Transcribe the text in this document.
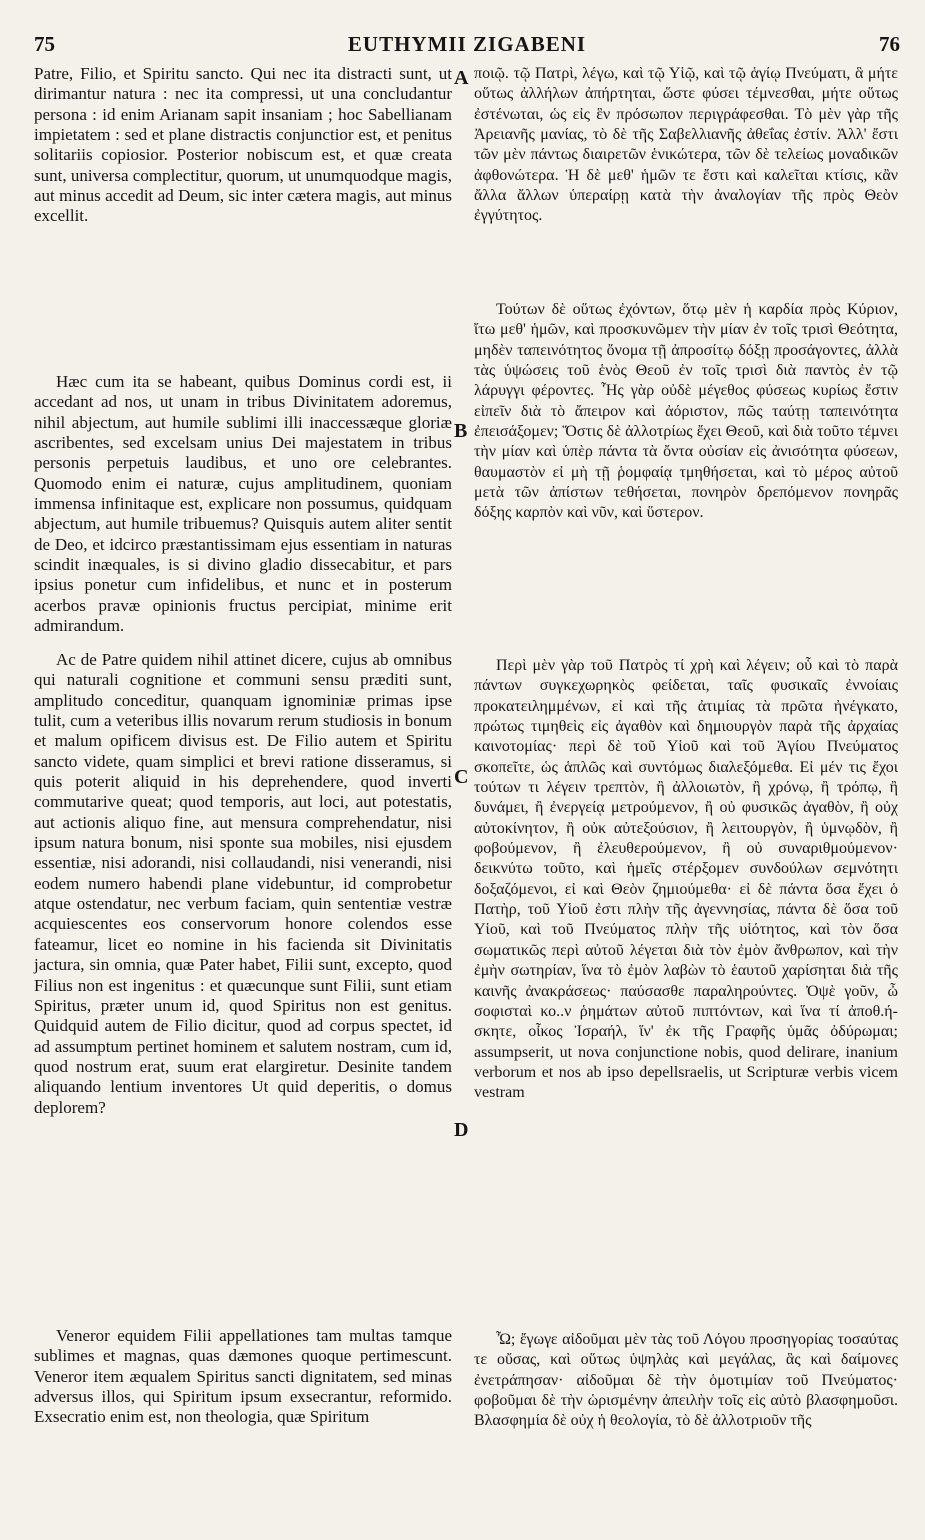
75	EUTHYMII ZIGABENI	76

Patre, Filio, et Spiritu sancto. Qui nec ita distracti sunt, ut dirimantur natura : nec ita compressi, ut una concludantur persona : id enim Arianam sapit insaniam ; hoc Sabellianam impietatem : sed et plane distractis conjunctior est, et penitus solitariis copiosior. Posterior nobiscum est, et quæ creata sunt, universa complectitur, quorum, ut unumquodque magis, aut minus accedit ad Deum, sic inter cætera magis, aut minus excellit.

Hæc cum ita se habeant, quibus Dominus cordi est, ii accedant ad nos, ut unam in tribus Divinitatem adoremus, nihil abjectum, aut humile sublimi illi inaccessæque gloriæ ascribentes, sed excelsam unius Dei majestatem in tribus personis perpetuis laudibus, et uno ore celebrantes. Quomodo enim ei naturæ, cujus amplitudinem, quoniam immensa infinitaque est, explicare non possumus, quidquam abjectum, aut humile tribuemus? Quisquis autem aliter sentit de Deo, et idcirco præstantissimam ejus essentiam in naturas scindit inæquales, is si divino gladio dissecabitur, et pars ipsius ponetur cum infidelibus, et nunc et in posterum acerbos pravæ opinionis fructus percipiat, minime erit admirandum.

Ac de Patre quidem nihil attinet dicere, cujus ab omnibus qui naturali cognitione et communi sensu præditi sunt, amplitudo conceditur, quanquam ignominiæ primas ipse tulit, cum a veteribus illis novarum rerum studiosis in bonum et malum opificem divisus est. De Filio autem et Spiritu sancto videte, quam simplici et brevi ratione disseramus, si quis poterit aliquid in his deprehendere, quod inverti commutarive queat; quod temporis, aut loci, aut potestatis, aut actionis aliquo fine, aut mensura comprehendatur, nisi ipsum natura bonum, nisi sponte sua mobiles, nisi ejusdem essentiæ, nisi adorandi, nisi collaudandi, nisi venerandi, nisi eodem numero habendi plane videbuntur, id comprobetur atque ostendatur, nec verbum faciam, quin sententiæ vestræ acquiescentes eos conservorum honore colendos esse fateamur, licet eo nomine in his facienda sit Divinitatis jactura, sin omnia, quæ Pater habet, Filii sunt, excepto, quod Filius non est ingenitus : et quæcunque sunt Filii, sunt etiam Spiritus, præter unum id, quod Spiritus non est genitus. Quidquid autem de Filio dicitur, quod ad corpus spectet, id ad assumptum pertinet hominem et salutem nostram, cum id, quod nostrum erat, suum erat elargiretur. Desinite tandem aliquando lentium inventores Ut quid deperitis, o domus deplorem?

Veneror equidem Filii appellationes tam multas tamque sublimes et magnas, quas dæmones quoque pertimescunt. Veneror item æqualem Spiritus sancti dignitatem, sed minas adversus illos, qui Spiritum ipsum exsecrantur, reformido. Exsecratio enim est, non theologia, quæ Spiritum

ποιῷ. τῷ Πατρὶ, λέγω, καὶ τῷ Υἱῷ, καὶ τῷ ἁγίῳ Πνεύματι, ἃ μήτε οὕτως ἀλλήλων ἀπήρτηται, ὥστε φύσει τέμνεσθαι, μήτε οὕτως ἐστένωται, ὡς εἰς ἓν πρόσωπον περιγράφεσθαι. Τὸ μὲν γὰρ τῆς Ἀρειανῆς μανίας, τὸ δὲ τῆς Σαβελλιανῆς ἀθεΐας ἐστίν. Ἀλλ' ἔστι τῶν μὲν πάντως διαιρετῶν ἑνικώτερα, τῶν δὲ τελείως μοναδικῶν ἀφθονώτερα. Ἡ δὲ μεθ' ἡμῶν τε ἔστι καὶ καλεῖται κτίσις, κἂν ἄλλα ἄλλων ὑπεραίρῃ κατὰ τὴν ἀναλογίαν τῆς πρὸς Θεὸν ἐγγύτητος.

Τούτων δὲ οὕτως ἐχόντων, ὅτῳ μὲν ἡ καρδία πρὸς Κύριον, ἴτω μεθ' ἡμῶν, καὶ προσκυνῶμεν τὴν μίαν ἐν τοῖς τρισὶ Θεότητα, μηδὲν ταπεινότητος ὄνομα τῇ ἀπροσίτῳ δόξῃ προσάγοντες, ἀλλὰ τὰς ὑψώσεις τοῦ ἑνὸς Θεοῦ ἐν τοῖς τρισὶ διὰ παντὸς ἐν τῷ λάρυγγι φέροντες. Ἧς γὰρ οὐδὲ μέγεθος φύσεως κυρίως ἔστιν εἰπεῖν διὰ τὸ ἄπειρον καὶ ἀόριστον, πῶς ταύτῃ ταπεινότητα ἐπεισάξομεν; Ὅστις δὲ ἀλλοτρίως ἔχει Θεοῦ, καὶ διὰ τοῦτο τέμνει τὴν μίαν καὶ ὑπὲρ πάντα τὰ ὄντα οὐσίαν εἰς ἀνισότητα φύσεων, θαυμαστὸν εἰ μὴ τῇ ῥομφαίᾳ τμηθήσεται, καὶ τὸ μέρος αὐτοῦ μετὰ τῶν ἀπίστων τεθήσεται, πονηρὸν δρεπόμενον πονηρᾶς δόξης καρπὸν καὶ νῦν, καὶ ὕστερον.

Περὶ μὲν γὰρ τοῦ Πατρὸς τί χρὴ καὶ λέγειν; οὗ καὶ τὸ παρὰ πάντων συγκεχωρηκὸς φείδεται, ταῖς φυσικαῖς ἐννοίαις προκατειλημμένων, εἰ καὶ τῆς ἀτιμίας τὰ πρῶτα ἠνέγκατο, πρώτως τιμηθεὶς εἰς ἀγαθὸν καὶ δημιουργὸν παρὰ τῆς ἀρχαίας καινοτομίας· περὶ δὲ τοῦ Υἱοῦ καὶ τοῦ Ἁγίου Πνεύματος σκοπεῖτε, ὡς ἁπλῶς καὶ συντόμως διαλεξόμεθα. Εἰ μέν τις ἔχοι τούτων τι λέγειν τρεπτὸν, ἢ ἀλλοιωτὸν, ἢ χρόνῳ, ἢ τρόπῳ, ἢ δυνάμει, ἢ ἐνεργείᾳ μετρούμενον, ἢ οὐ φυσικῶς ἀγαθὸν, ἢ οὐχ αὐτοκίνητον, ἢ οὐκ αὐτεξούσιον, ἢ λειτουργὸν, ἢ ὑμνῳδὸν, ἢ φοβούμενον, ἢ ἐλευθερούμενον, ἢ οὐ συναριθμούμενον· δεικνύτω τοῦτο, καὶ ἡμεῖς στέρξομεν συνδούλων σεμνότητι δοξαζόμενοι, εἰ καὶ Θεὸν ζημιούμεθα· εἰ δὲ πάντα ὅσα ἔχει ὁ Πατὴρ, τοῦ Υἱοῦ ἐστι πλὴν τῆς ἀγεννησίας, πάντα δὲ ὅσα τοῦ Υἱοῦ, καὶ τοῦ Πνεύματος πλὴν τῆς υἱότητος, καὶ τὸν ὅσα σωματικῶς περὶ αὐτοῦ λέγεται διὰ τὸν ἐμὸν ἄνθρωπον, καὶ τὴν ἐμὴν σωτηρίαν, ἵνα τὸ ἐμὸν λαβὼν τὸ ἑαυτοῦ χαρίσηται διὰ τῆς καινῆς ἀνακράσεως· παύσασθε παραληρούντες. Ὀψὲ γοῦν, ὦ σοφισταὶ κο..ν ῥημάτων αὐτοῦ πιπτόντων, καὶ ἵνα τί ἀποθ.ή-σκητε, οἶκος Ἰσραήλ, ἵν' ἐκ τῆς Γραφῆς ὑμᾶς ὀδύρωμαι; assumpserit, ut nova conjunctione nobis, quod delirare, inanium verborum et nos ab ipso depellsraelis, ut Scripturæ verbis vicem vestram

Ὦ; ἔγωγε αἰδοῦμαι μὲν τὰς τοῦ Λόγου προσηγορίας τοσαύτας τε οὔσας, καὶ οὕτως ὑψηλὰς καὶ μεγάλας, ἃς καὶ δαίμονες ἐνετράπησαν· αἰδοῦμαι δὲ τὴν ὁμοτιμίαν τοῦ Πνεύματος· φοβοῦμαι δὲ τὴν ὡρισμένην ἀπειλὴν τοῖς εἰς αὐτὸ βλασφημοῦσι. Βλασφημία δὲ οὐχ ἡ θεολογία, τὸ δὲ ἀλλοτριοῦν τῆς

A
B
C
D
